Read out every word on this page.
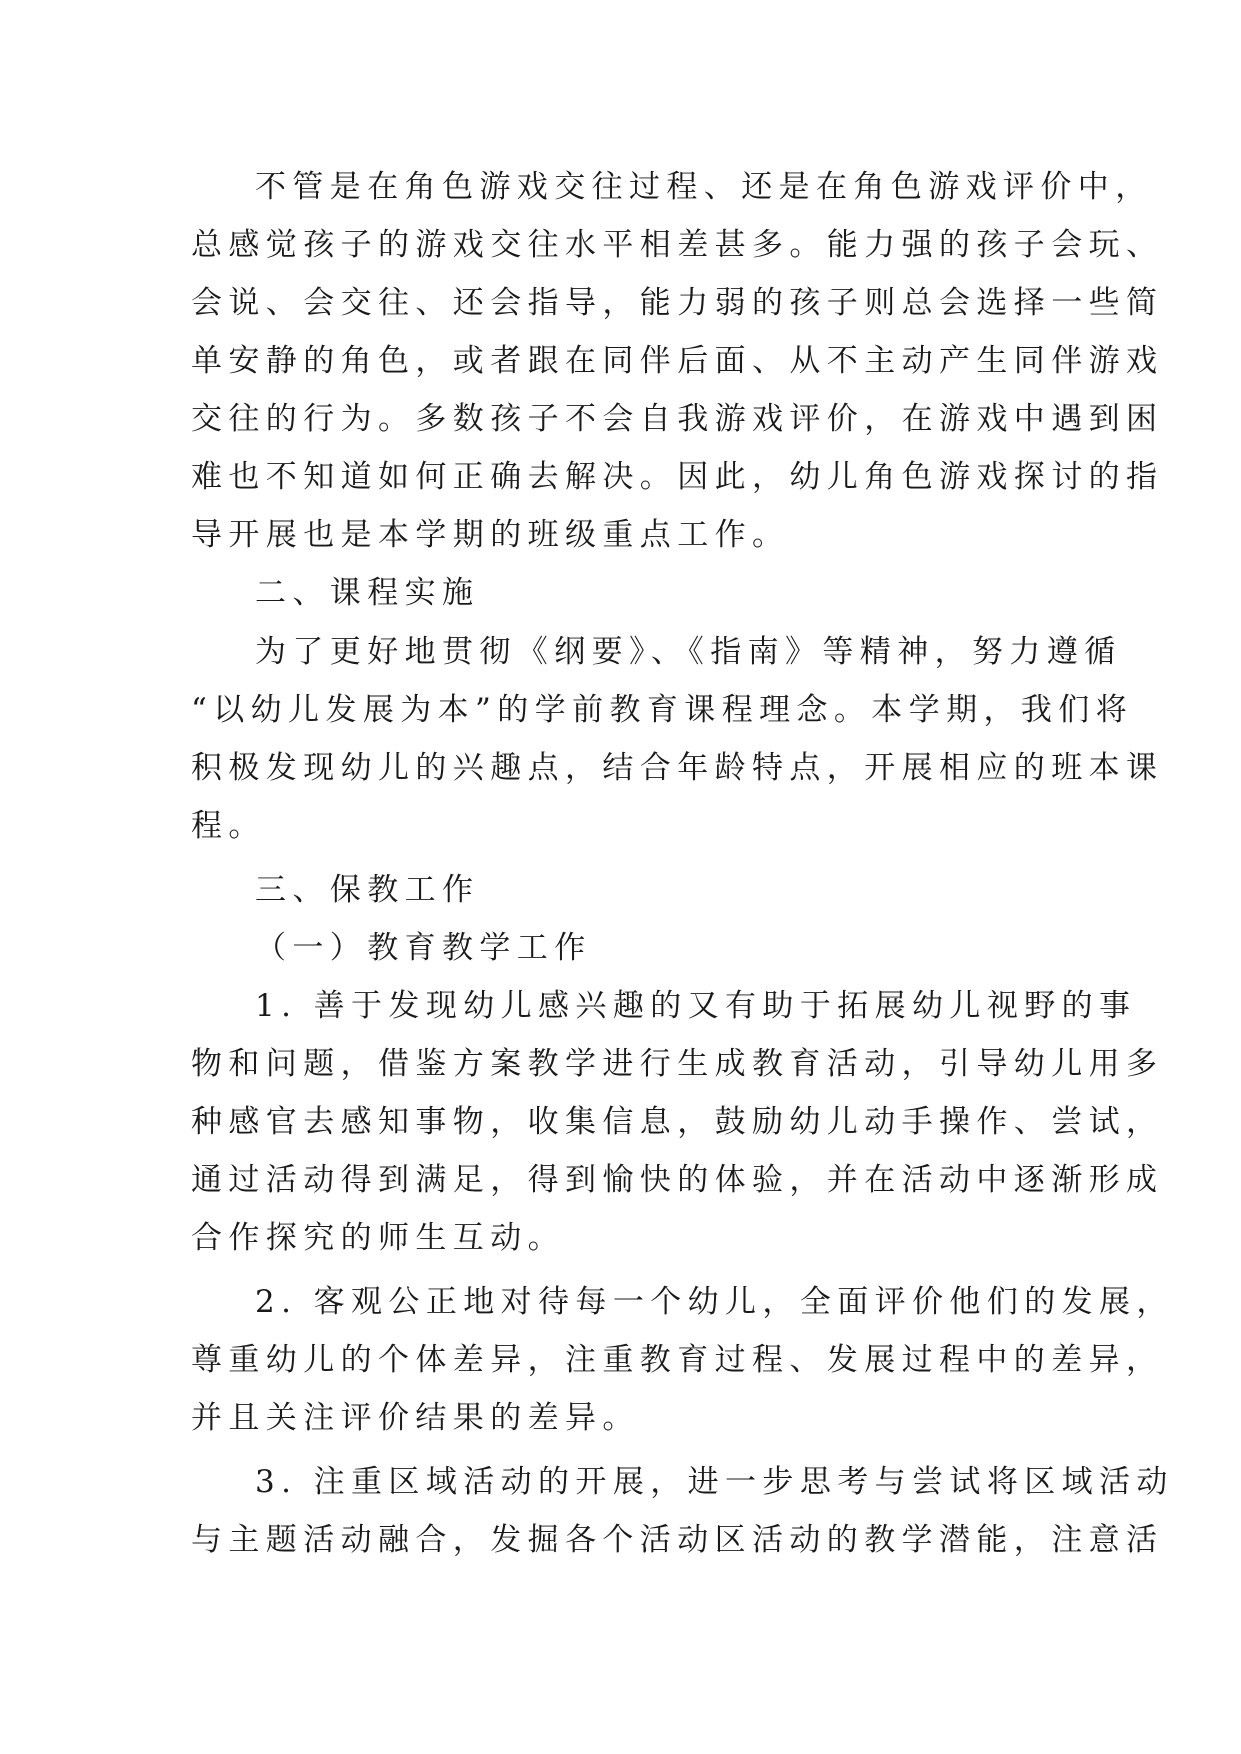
不管是在角色游戏交往过程、还是在角色游戏评价中，
总感觉孩子的游戏交往水平相差甚多。能力强的孩子会玩、
会说、会交往、还会指导，能力弱的孩子则总会选择一些简
单安静的角色，或者跟在同伴后面、从不主动产生同伴游戏
交往的行为。多数孩子不会自我游戏评价，在游戏中遇到困
难也不知道如何正确去解决。因此，幼儿角色游戏探讨的指
导开展也是本学期的班级重点工作。
二、课程实施
为了更好地贯彻《纲要》、《指南》等精神，努力遵循
“以幼儿发展为本”的学前教育课程理念。本学期，我们将
积极发现幼儿的兴趣点，结合年龄特点，开展相应的班本课
程。
三、保教工作
（一）教育教学工作
1. 善于发现幼儿感兴趣的又有助于拓展幼儿视野的事
物和问题，借鉴方案教学进行生成教育活动，引导幼儿用多
种感官去感知事物，收集信息，鼓励幼儿动手操作、尝试，
通过活动得到满足，得到愉快的体验，并在活动中逐渐形成
合作探究的师生互动。
2. 客观公正地对待每一个幼儿，全面评价他们的发展，
尊重幼儿的个体差异，注重教育过程、发展过程中的差异，
并且关注评价结果的差异。
3. 注重区域活动的开展，进一步思考与尝试将区域活动
与主题活动融合，发掘各个活动区活动的教学潜能，注意活
